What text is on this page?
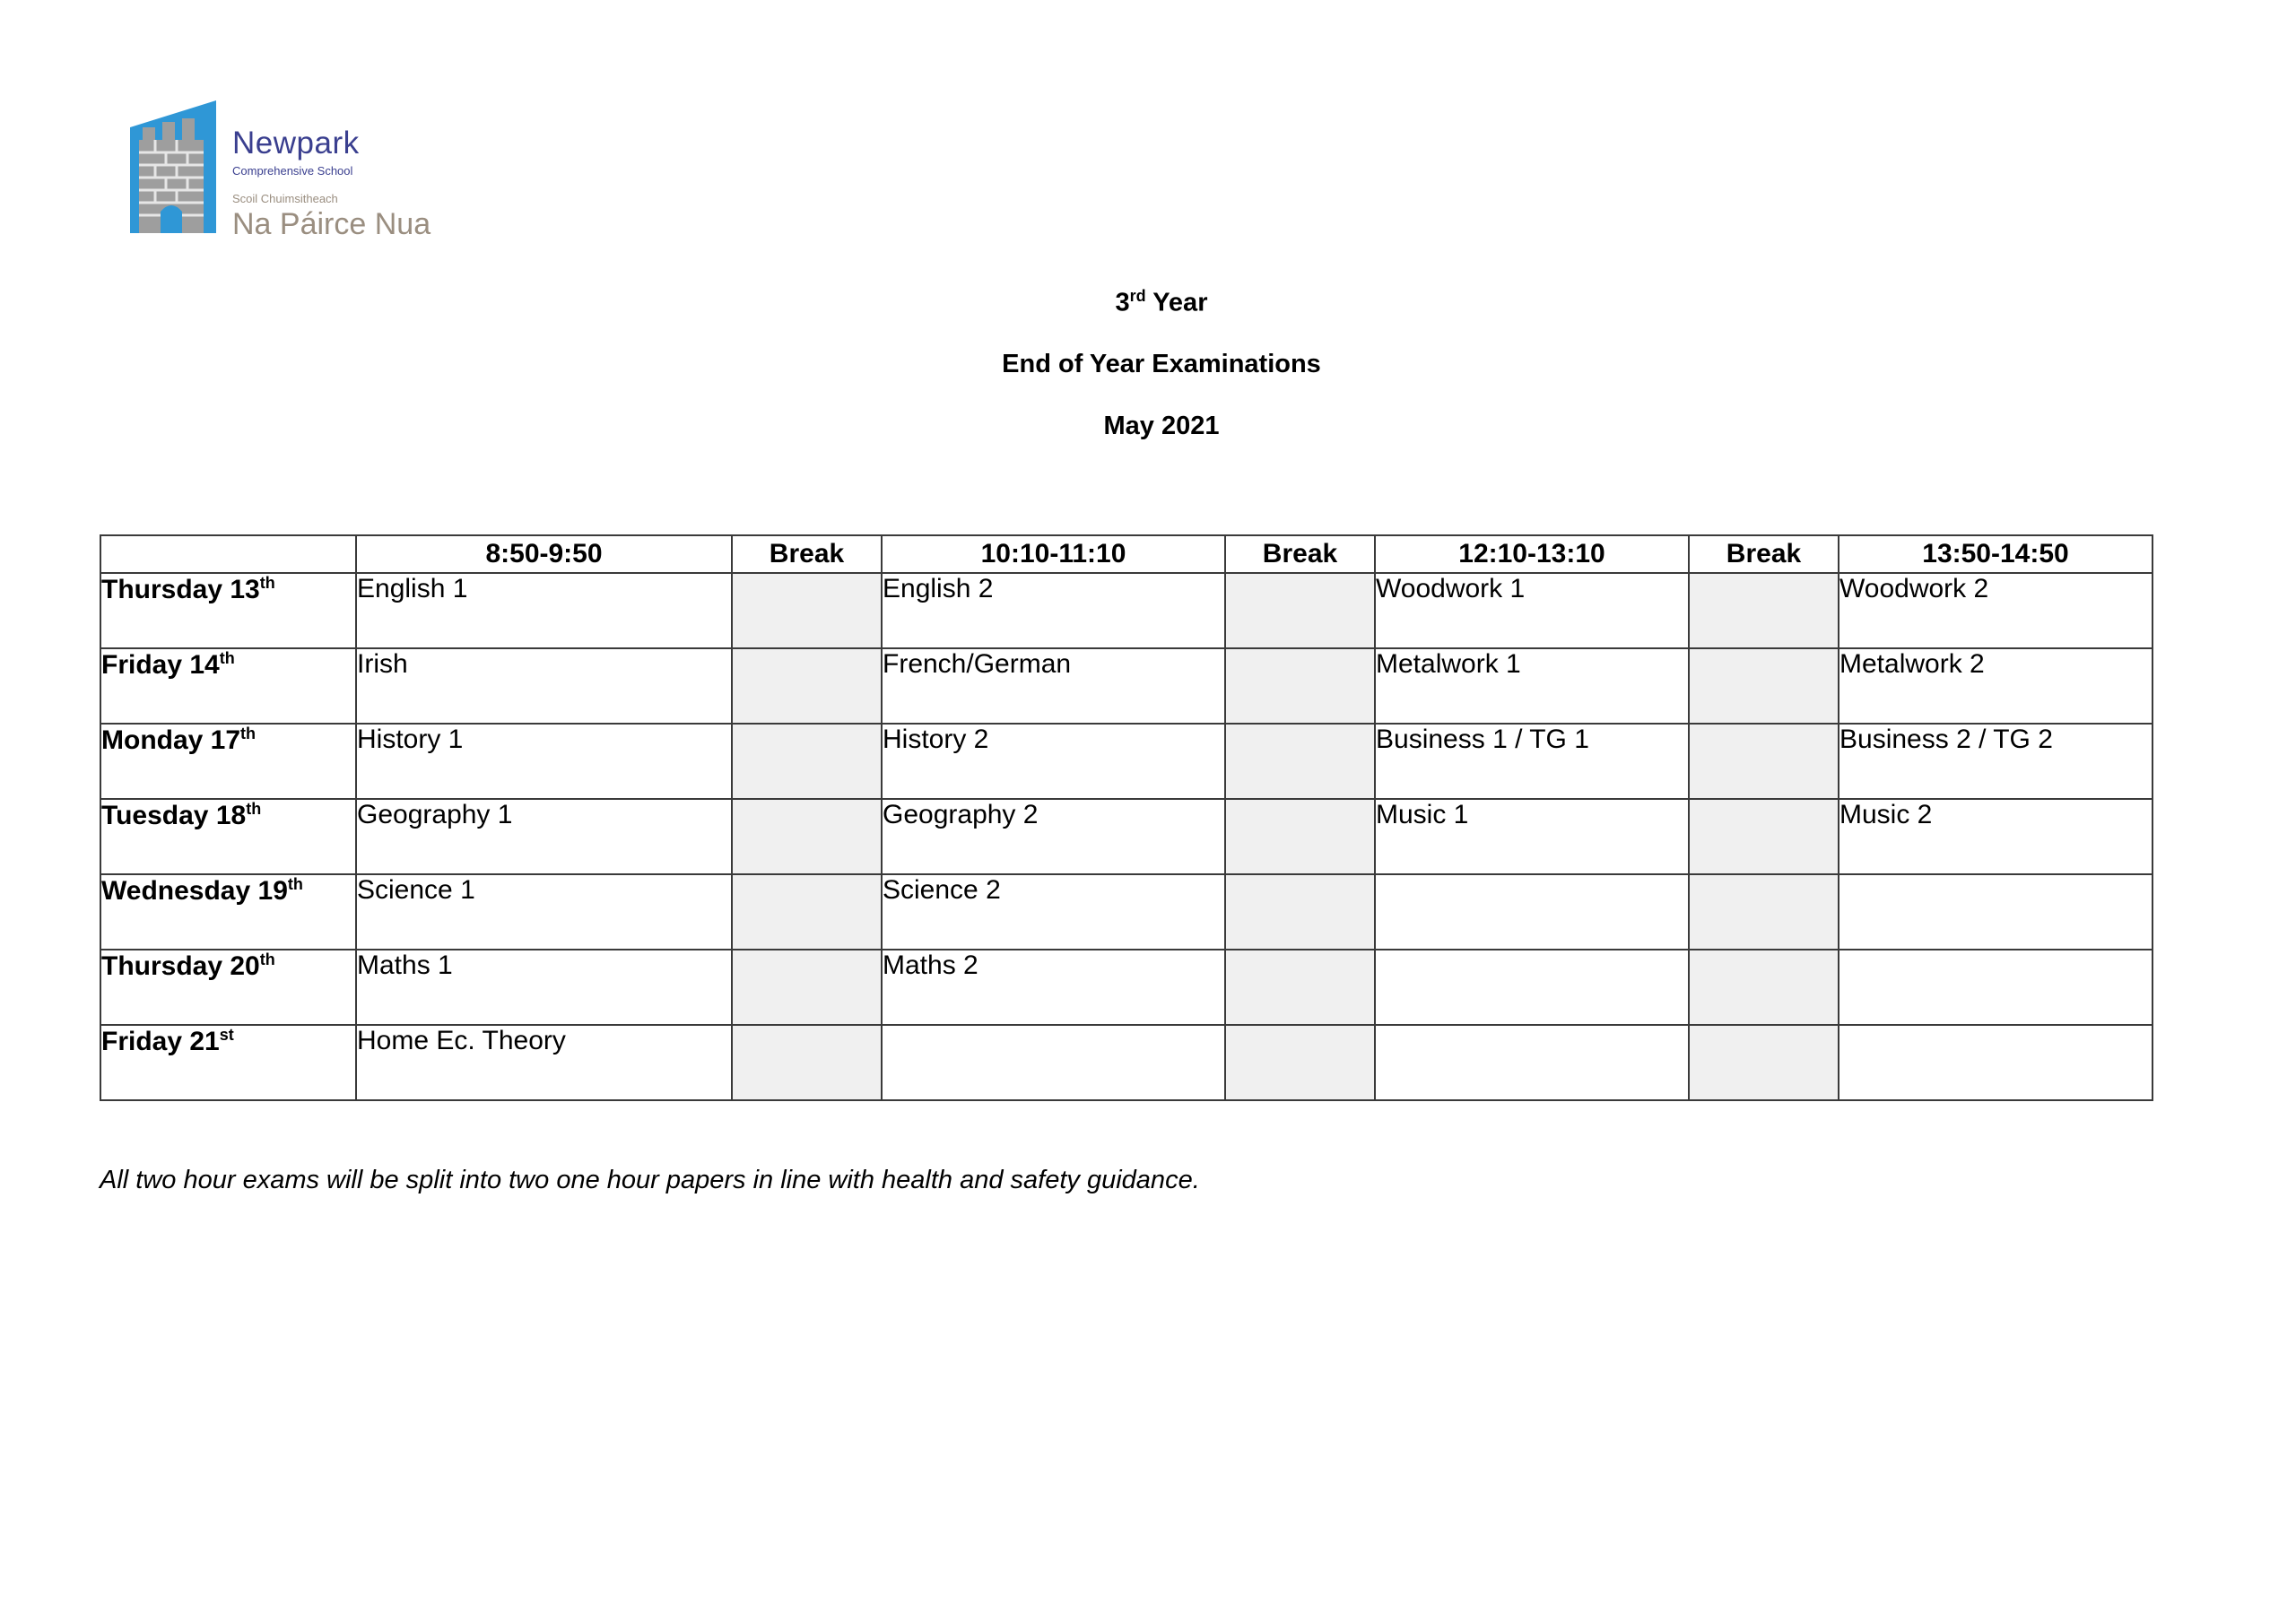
Newpark
Comprehensive School
Scoil Chuimsitheach
Na Páirce Nua
3rd Year
End of Year Examinations
May 2021
	8:50-9:50	Break	10:10-11:10	Break	12:10-13:10	Break	13:50-14:50
Thursday 13th	English 1		English 2		Woodwork 1		Woodwork 2
Friday 14th	Irish		French/German		Metalwork 1		Metalwork 2
Monday 17th	History 1		History 2		Business 1 / TG 1		Business 2 / TG 2
Tuesday 18th	Geography 1		Geography 2		Music 1		Music 2
Wednesday 19th	Science 1		Science 2				
Thursday 20th	Maths 1		Maths 2				
Friday 21st	Home Ec. Theory						
All two hour exams will be split into two one hour papers in line with health and safety guidance.
